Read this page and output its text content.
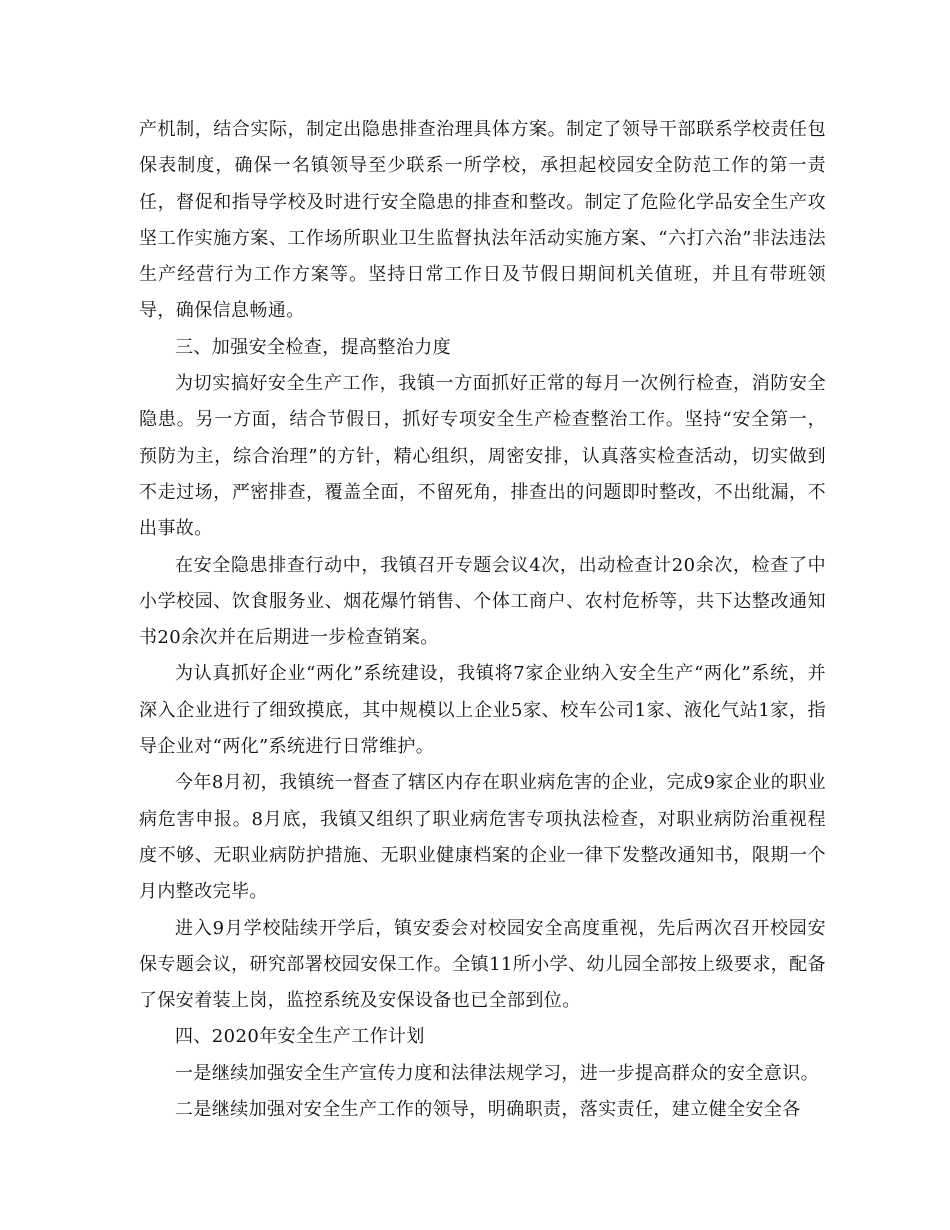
产机制，结合实际，制定出隐患排查治理具体方案。制定了领导干部联系学校责任包保表制度，确保一名镇领导至少联系一所学校，承担起校园安全防范工作的第一责任，督促和指导学校及时进行安全隐患的排查和整改。制定了危险化学品安全生产攻坚工作实施方案、工作场所职业卫生监督执法年活动实施方案、“六打六治”非法违法生产经营行为工作方案等。坚持日常工作日及节假日期间机关值班，并且有带班领导，确保信息畅通。

三、加强安全检查，提高整治力度

为切实搞好安全生产工作，我镇一方面抓好正常的每月一次例行检查，消防安全隐患。另一方面，结合节假日，抓好专项安全生产检查整治工作。坚持“安全第一，预防为主，综合治理”的方针，精心组织，周密安排，认真落实检查活动，切实做到不走过场，严密排查，覆盖全面，不留死角，排查出的问题即时整改，不出纰漏，不出事故。

在安全隐患排查行动中，我镇召开专题会议4次，出动检查计20余次，检查了中小学校园、饮食服务业、烟花爆竹销售、个体工商户、农村危桥等，共下达整改通知书20余次并在后期进一步检查销案。

为认真抓好企业“两化”系统建设，我镇将7家企业纳入安全生产“两化”系统，并深入企业进行了细致摸底，其中规模以上企业5家、校车公司1家、液化气站1家，指导企业对“两化”系统进行日常维护。

今年8月初，我镇统一督查了辖区内存在职业病危害的企业，完成9家企业的职业病危害申报。8月底，我镇又组织了职业病危害专项执法检查，对职业病防治重视程度不够、无职业病防护措施、无职业健康档案的企业一律下发整改通知书，限期一个月内整改完毕。

进入9月学校陆续开学后，镇安委会对校园安全高度重视，先后两次召开校园安保专题会议，研究部署校园安保工作。全镇11所小学、幼儿园全部按上级要求，配备了保安着装上岗，监控系统及安保设备也已全部到位。

四、2020年安全生产工作计划

一是继续加强安全生产宣传力度和法律法规学习，进一步提高群众的安全意识。

二是继续加强对安全生产工作的领导，明确职责，落实责任，建立健全安全各
